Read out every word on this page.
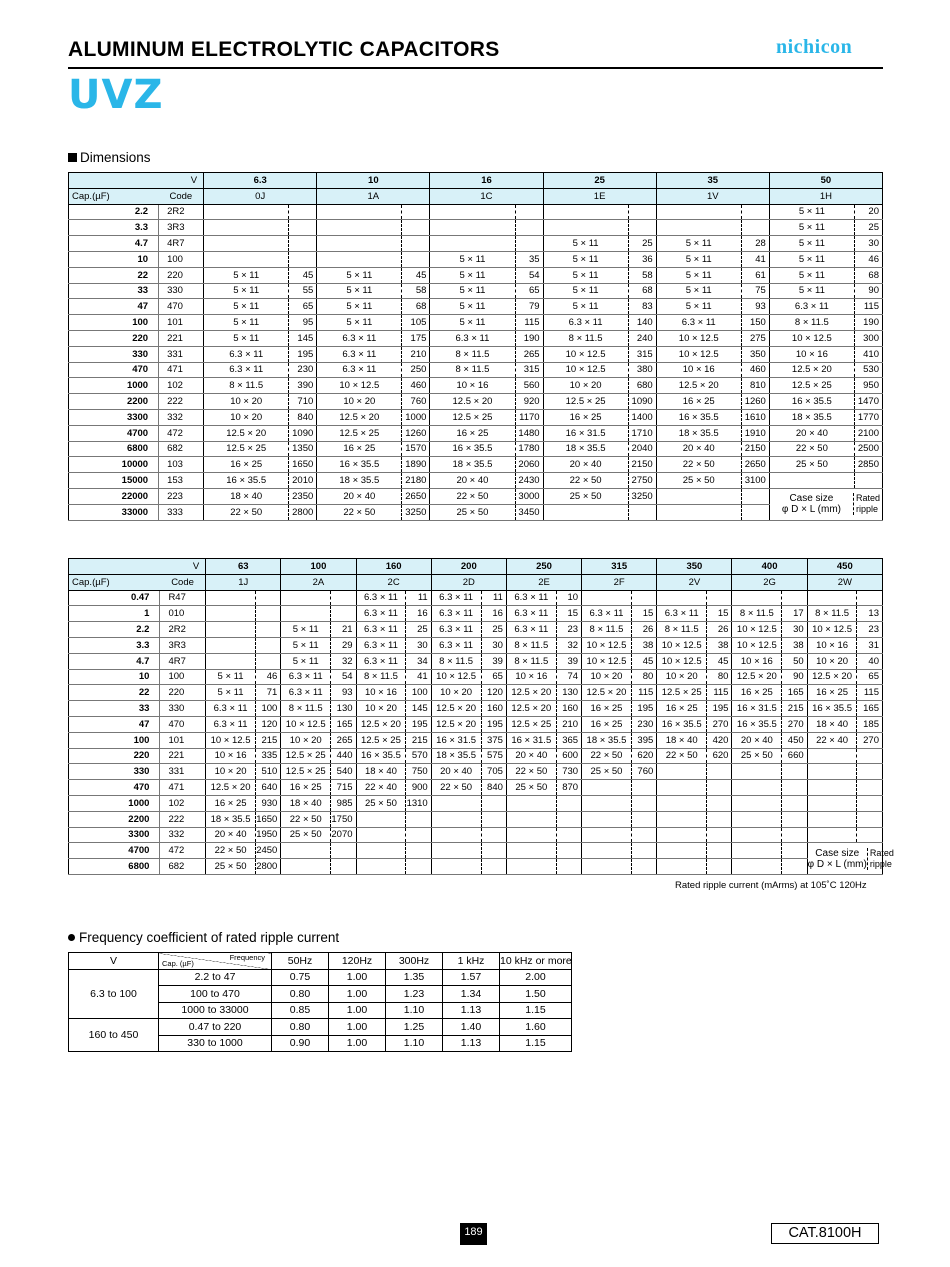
ALUMINUM ELECTROLYTIC CAPACITORS	nichicon
UVZ
Dimensions
V		6.3		10		16		25		35		50	
Cap.(µF)	Code	0J		1A		1C		1E		1V		1H	
2.2	2R2											5 × 11	20
3.3	3R3											5 × 11	25
4.7	4R7							5 × 11	25	5 × 11	28	5 × 11	30
10	100					5 × 11	35	5 × 11	36	5 × 11	41	5 × 11	46
22	220	5 × 11	45	5 × 11	45	5 × 11	54	5 × 11	58	5 × 11	61	5 × 11	68
33	330	5 × 11	55	5 × 11	58	5 × 11	65	5 × 11	68	5 × 11	75	5 × 11	90
47	470	5 × 11	65	5 × 11	68	5 × 11	79	5 × 11	83	5 × 11	93	6.3 × 11	115
100	101	5 × 11	95	5 × 11	105	5 × 11	115	6.3 × 11	140	6.3 × 11	150	8 × 11.5	190
220	221	5 × 11	145	6.3 × 11	175	6.3 × 11	190	8 × 11.5	240	10 × 12.5	275	10 × 12.5	300
330	331	6.3 × 11	195	6.3 × 11	210	8 × 11.5	265	10 × 12.5	315	10 × 12.5	350	10 × 16	410
470	471	6.3 × 11	230	6.3 × 11	250	8 × 11.5	315	10 × 12.5	380	10 × 16	460	12.5 × 20	530
1000	102	8 × 11.5	390	10 × 12.5	460	10 × 16	560	10 × 20	680	12.5 × 20	810	12.5 × 25	950
2200	222	10 × 20	710	10 × 20	760	12.5 × 20	920	12.5 × 25	1090	16 × 25	1260	16 × 35.5	1470
3300	332	10 × 20	840	12.5 × 20	1000	12.5 × 25	1170	16 × 25	1400	16 × 35.5	1610	18 × 35.5	1770
4700	472	12.5 × 20	1090	12.5 × 25	1260	16 × 25	1480	16 × 31.5	1710	18 × 35.5	1910	20 × 40	2100
6800	682	12.5 × 25	1350	16 × 25	1570	16 × 35.5	1780	18 × 35.5	2040	20 × 40	2150	22 × 50	2500
10000	103	16 × 25	1650	16 × 35.5	1890	18 × 35.5	2060	20 × 40	2150	22 × 50	2650	25 × 50	2850
15000	153	16 × 35.5	2010	18 × 35.5	2180	20 × 40	2430	22 × 50	2750	25 × 50	3100		
22000	223	18 × 40	2350	20 × 40	2650	22 × 50	3000	25 × 50	3250			Case size
φ D × L (mm)
Rated
ripple	

33000	333	22 × 50	2800	22 × 50	3250	25 × 50	3450						
V		63		100		160		200		250		315		350		400		450	
Cap.(µF)	Code	1J		2A		2C		2D		2E		2F		2V		2G		2W	
0.47	R47					6.3 × 11	11	6.3 × 11	11	6.3 × 11	10								
1	010					6.3 × 11	16	6.3 × 11	16	6.3 × 11	15	6.3 × 11	15	6.3 × 11	15	8 × 11.5	17	8 × 11.5	13
2.2	2R2			5 × 11	21	6.3 × 11	25	6.3 × 11	25	6.3 × 11	23	8 × 11.5	26	8 × 11.5	26	10 × 12.5	30	10 × 12.5	23
3.3	3R3			5 × 11	29	6.3 × 11	30	6.3 × 11	30	8 × 11.5	32	10 × 12.5	38	10 × 12.5	38	10 × 12.5	38	10 × 16	31
4.7	4R7			5 × 11	32	6.3 × 11	34	8 × 11.5	39	8 × 11.5	39	10 × 12.5	45	10 × 12.5	45	10 × 16	50	10 × 20	40
10	100	5 × 11	46	6.3 × 11	54	8 × 11.5	41	10 × 12.5	65	10 × 16	74	10 × 20	80	10 × 20	80	12.5 × 20	90	12.5 × 20	65
22	220	5 × 11	71	6.3 × 11	93	10 × 16	100	10 × 20	120	12.5 × 20	130	12.5 × 20	115	12.5 × 25	115	16 × 25	165	16 × 25	115
33	330	6.3 × 11	100	8 × 11.5	130	10 × 20	145	12.5 × 20	160	12.5 × 20	160	16 × 25	195	16 × 25	195	16 × 31.5	215	16 × 35.5	165
47	470	6.3 × 11	120	10 × 12.5	165	12.5 × 20	195	12.5 × 20	195	12.5 × 25	210	16 × 25	230	16 × 35.5	270	16 × 35.5	270	18 × 40	185
100	101	10 × 12.5	215	10 × 20	265	12.5 × 25	215	16 × 31.5	375	16 × 31.5	365	18 × 35.5	395	18 × 40	420	20 × 40	450	22 × 40	270
220	221	10 × 16	335	12.5 × 25	440	16 × 35.5	570	18 × 35.5	575	20 × 40	600	22 × 50	620	22 × 50	620	25 × 50	660		
330	331	10 × 20	510	12.5 × 25	540	18 × 40	750	20 × 40	705	22 × 50	730	25 × 50	760						
470	471	12.5 × 20	640	16 × 25	715	22 × 40	900	22 × 50	840	25 × 50	870								
1000	102	16 × 25	930	18 × 40	985	25 × 50	1310												
2200	222	18 × 35.5	1650	22 × 50	1750														
3300	332	20 × 40	1950	25 × 50	2070														
4700	472	22 × 50	2450															Case size
φ D × L (mm)
Rated
ripple	

6800	682	25 × 50	2800																
Rated ripple current (mArms) at 105˚C 120Hz
Frequency coefficient of rated ripple current
V	Frequency
Cap. (µF)	50Hz	120Hz	300Hz	1 kHz	10 kHz or more
6.3 to 100	2.2 to 47	0.75	1.00	1.35	1.57	2.00
	100 to 470	0.80	1.00	1.23	1.34	1.50
	1000 to 33000	0.85	1.00	1.10	1.13	1.15
160 to 450	0.47 to 220	0.80	1.00	1.25	1.40	1.60
	330 to 1000	0.90	1.00	1.10	1.13	1.15
189	CAT.8100H
